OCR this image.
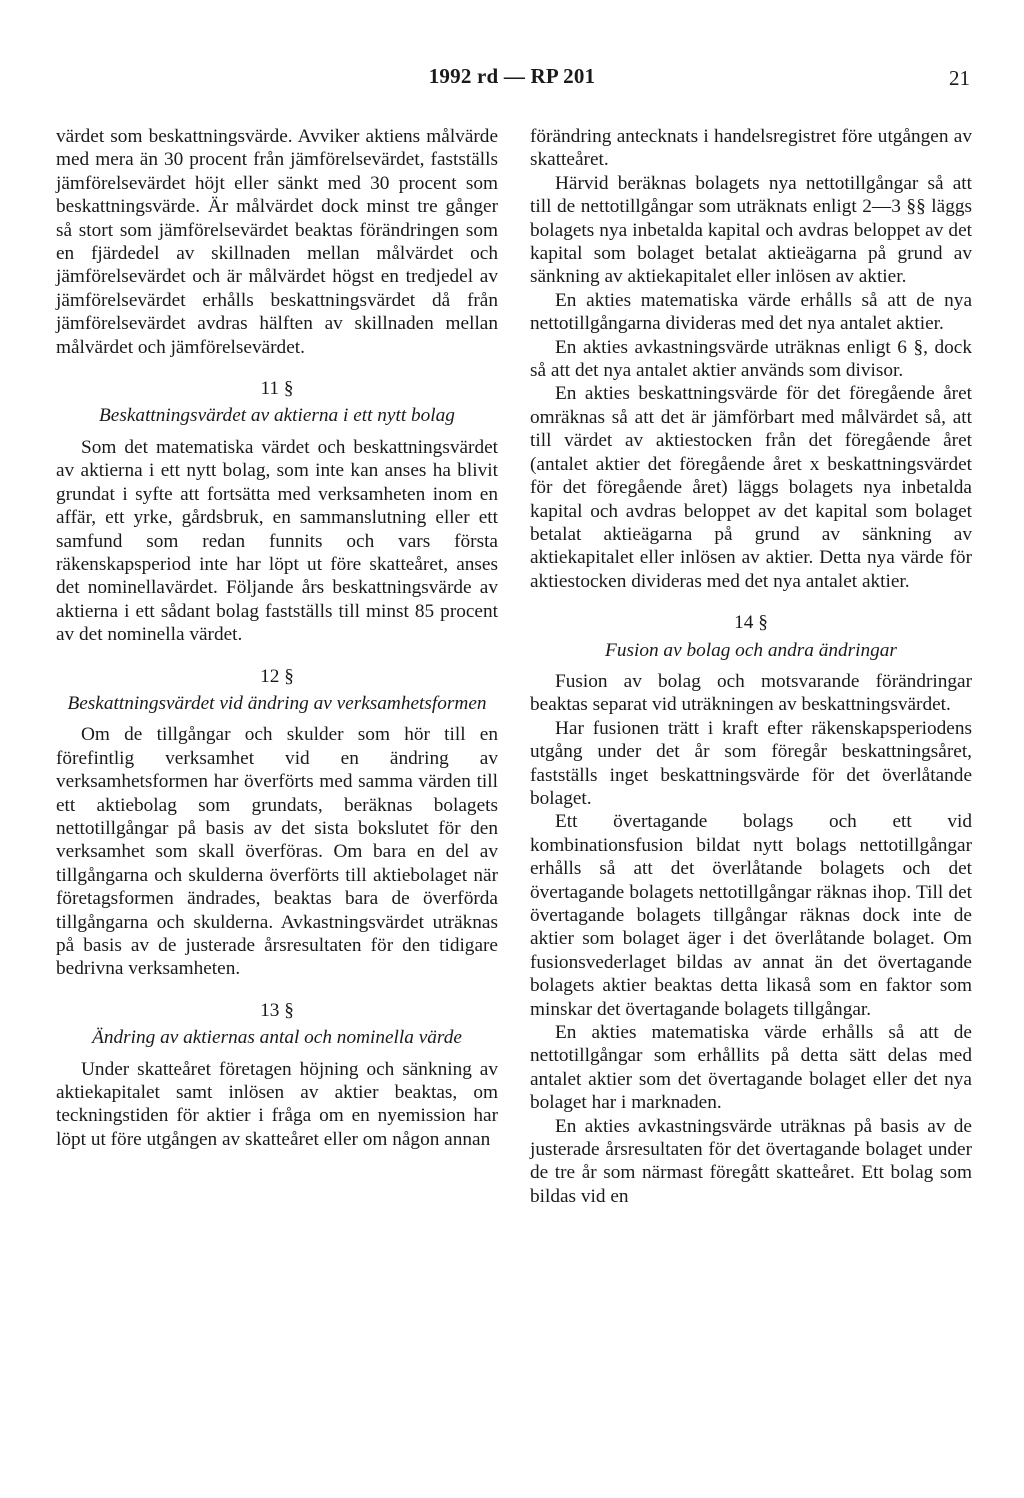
1992 rd — RP 201	21

värdet som beskattningsvärde. Avviker aktiens målvärde med mera än 30 procent från jämförelsevärdet, fastställs jämförelsevärdet höjt eller sänkt med 30 procent som beskattningsvärde. Är målvärdet dock minst tre gånger så stort som jämförelsevärdet beaktas förändringen som en fjärdedel av skillnaden mellan målvärdet och jämförelsevärdet och är målvärdet högst en tredjedel av jämförelsevärdet erhålls beskattningsvärdet då från jämförelsevärdet avdras hälften av skillnaden mellan målvärdet och jämförelsevärdet.

11 §
Beskattningsvärdet av aktierna i ett nytt bolag

Som det matematiska värdet och beskattningsvärdet av aktierna i ett nytt bolag, som inte kan anses ha blivit grundat i syfte att fortsätta med verksamheten inom en affär, ett yrke, gårdsbruk, en sammanslutning eller ett samfund som redan funnits och vars första räkenskapsperiod inte har löpt ut före skatteåret, anses det nominellavärdet. Följande års beskattningsvärde av aktierna i ett sådant bolag fastställs till minst 85 procent av det nominella värdet.

12 §
Beskattningsvärdet vid ändring av verksamhetsformen

Om de tillgångar och skulder som hör till en förefintlig verksamhet vid en ändring av verksamhetsformen har överförts med samma värden till ett aktiebolag som grundats, beräknas bolagets nettotillgångar på basis av det sista bokslutet för den verksamhet som skall överföras. Om bara en del av tillgångarna och skulderna överförts till aktiebolaget när företagsformen ändrades, beaktas bara de överförda tillgångarna och skulderna. Avkastningsvärdet uträknas på basis av de justerade årsresultaten för den tidigare bedrivna verksamheten.

13 §
Ändring av aktiernas antal och nominella värde

Under skatteåret företagen höjning och sänkning av aktiekapitalet samt inlösen av aktier beaktas, om teckningstiden för aktier i fråga om en nyemission har löpt ut före utgången av skatteåret eller om någon annan

förändring antecknats i handelsregistret före utgången av skatteåret.

Härvid beräknas bolagets nya nettotillgångar så att till de nettotillgångar som uträknats enligt 2—3 §§ läggs bolagets nya inbetalda kapital och avdras beloppet av det kapital som bolaget betalat aktieägarna på grund av sänkning av aktiekapitalet eller inlösen av aktier.

En akties matematiska värde erhålls så att de nya nettotillgångarna divideras med det nya antalet aktier.

En akties avkastningsvärde uträknas enligt 6 §, dock så att det nya antalet aktier används som divisor.

En akties beskattningsvärde för det föregående året omräknas så att det är jämförbart med målvärdet så, att till värdet av aktiestocken från det föregående året (antalet aktier det föregående året x beskattningsvärdet för det föregående året) läggs bolagets nya inbetalda kapital och avdras beloppet av det kapital som bolaget betalat aktieägarna på grund av sänkning av aktiekapitalet eller inlösen av aktier. Detta nya värde för aktiestocken divideras med det nya antalet aktier.

14 §
Fusion av bolag och andra ändringar

Fusion av bolag och motsvarande förändringar beaktas separat vid uträkningen av beskattningsvärdet.

Har fusionen trätt i kraft efter räkenskapsperiodens utgång under det år som föregår beskattningsåret, fastställs inget beskattningsvärde för det överlåtande bolaget.

Ett övertagande bolags och ett vid kombinationsfusion bildat nytt bolags nettotillgångar erhålls så att det överlåtande bolagets och det övertagande bolagets nettotillgångar räknas ihop. Till det övertagande bolagets tillgångar räknas dock inte de aktier som bolaget äger i det överlåtande bolaget. Om fusionsvederlaget bildas av annat än det övertagande bolagets aktier beaktas detta likaså som en faktor som minskar det övertagande bolagets tillgångar.

En akties matematiska värde erhålls så att de nettotillgångar som erhållits på detta sätt delas med antalet aktier som det övertagande bolaget eller det nya bolaget har i marknaden.

En akties avkastningsvärde uträknas på basis av de justerade årsresultaten för det övertagande bolaget under de tre år som närmast föregått skatteåret. Ett bolag som bildas vid en
